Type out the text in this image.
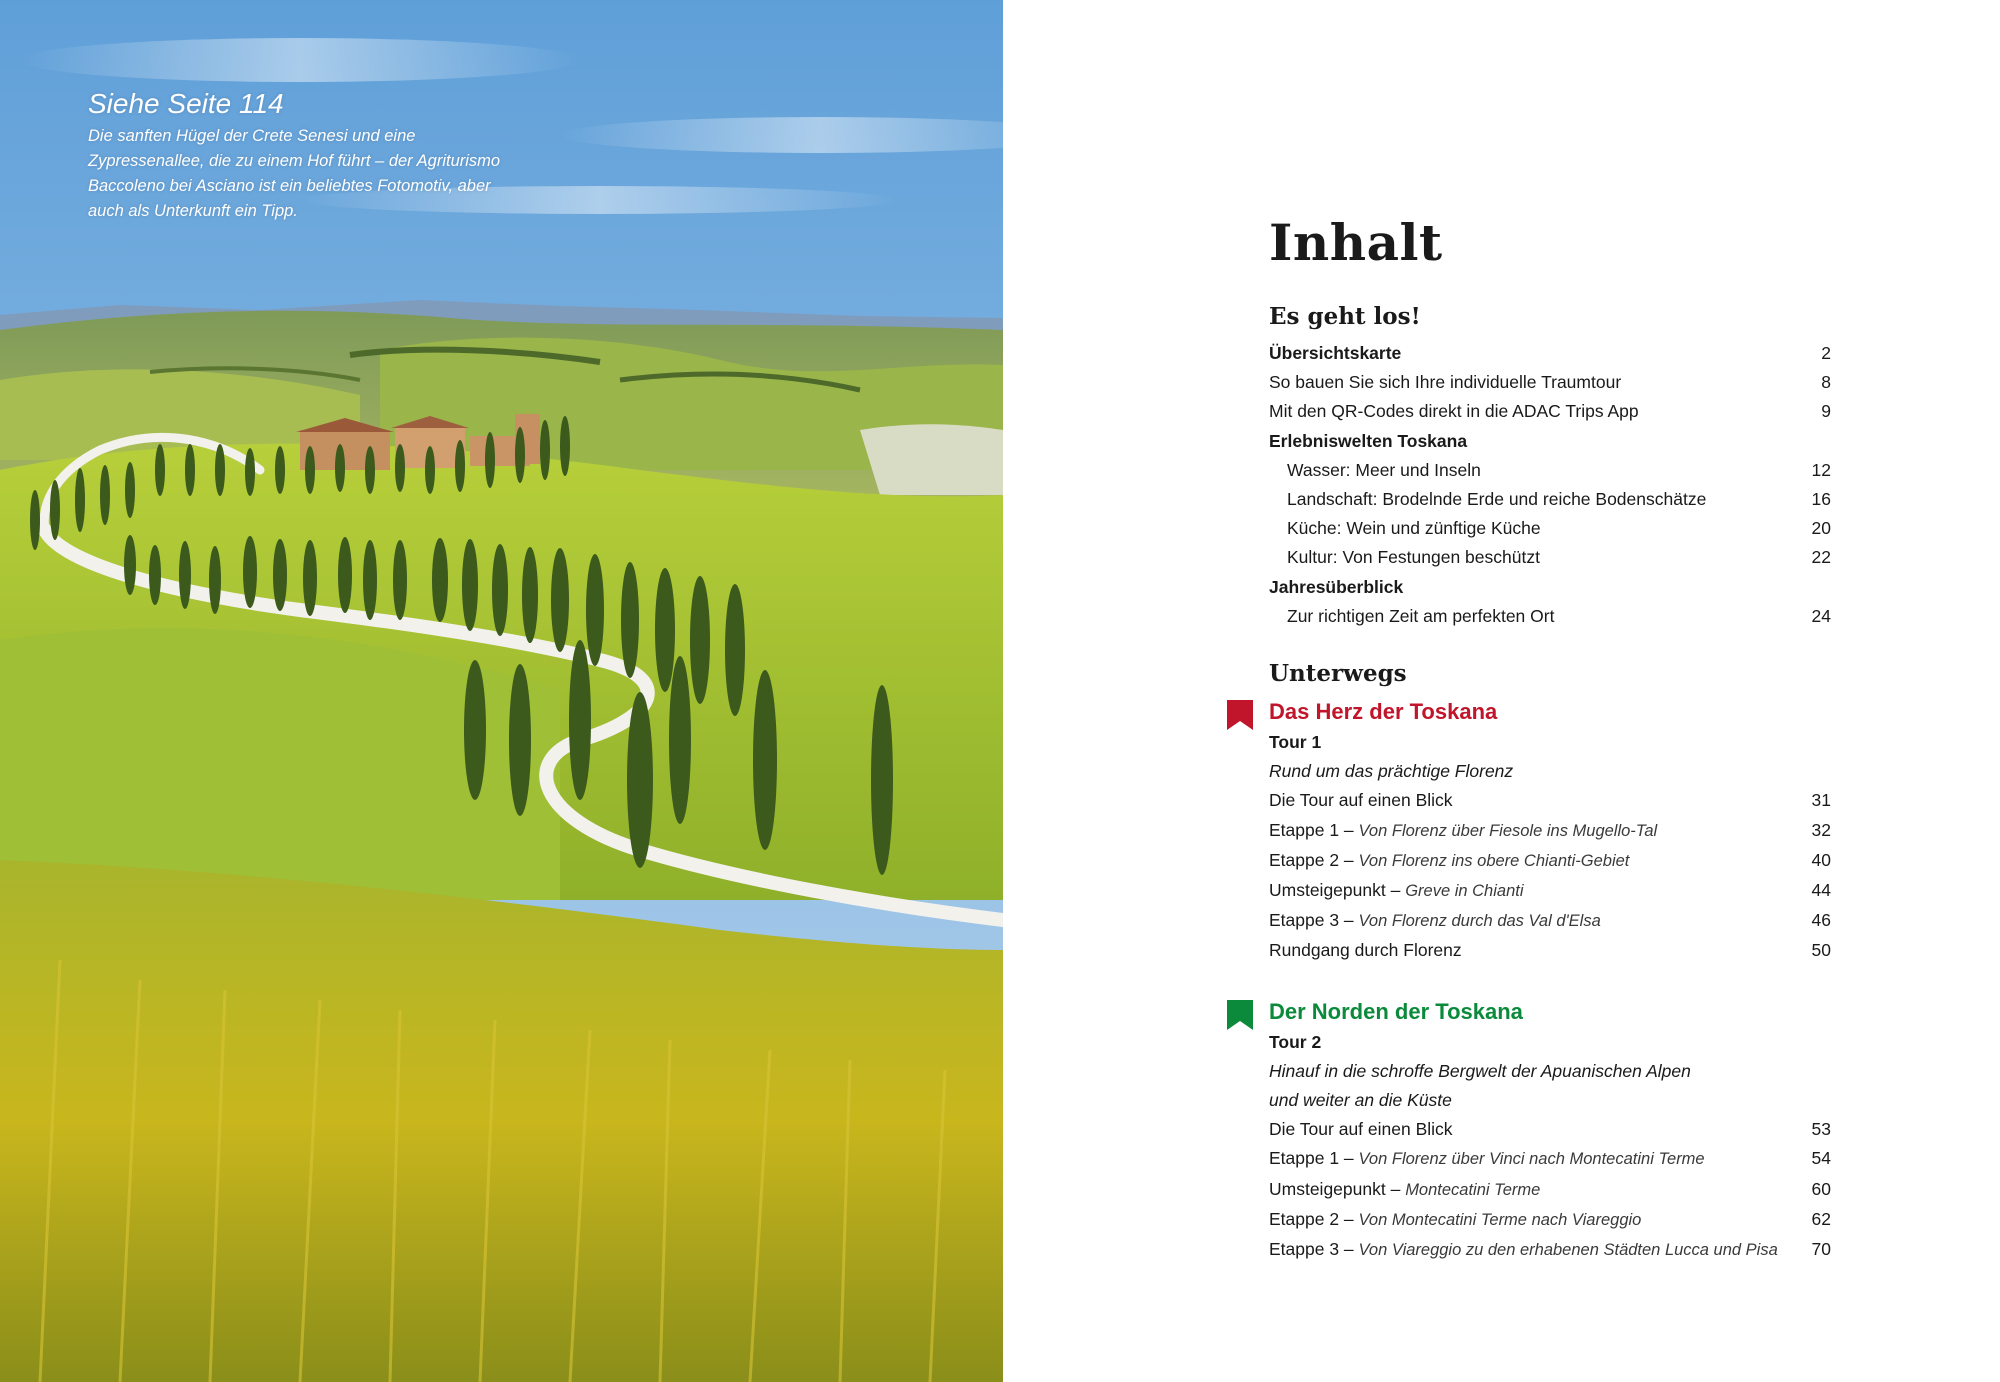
Siehe Seite 114
Die sanften Hügel der Crete Senesi und eine Zypressenallee, die zu einem Hof führt – der Agriturismo Baccoleno bei Asciano ist ein beliebtes Fotomotiv, aber auch als Unterkunft ein Tipp.
Inhalt
Es geht los!
Übersichtskarte	2
So bauen Sie sich Ihre individuelle Traumtour	8
Mit den QR-Codes direkt in die ADAC Trips App	9
Erlebniswelten Toskana
Wasser: Meer und Inseln	12
Landschaft: Brodelnde Erde und reiche Bodenschätze	16
Küche: Wein und zünftige Küche	20
Kultur: Von Festungen beschützt	22
Jahresüberblick
Zur richtigen Zeit am perfekten Ort	24
Unterwegs
Das Herz der Toskana
Tour 1
Rund um das prächtige Florenz
Die Tour auf einen Blick	31
Etappe 1 – Von Florenz über Fiesole ins Mugello-Tal	32
Etappe 2 – Von Florenz ins obere Chianti-Gebiet	40
Umsteigepunkt – Greve in Chianti	44
Etappe 3 – Von Florenz durch das Val d'Elsa	46
Rundgang durch Florenz	50
Der Norden der Toskana
Tour 2
Hinauf in die schroffe Bergwelt der Apuanischen Alpen
und weiter an die Küste
Die Tour auf einen Blick	53
Etappe 1 – Von Florenz über Vinci nach Montecatini Terme	54
Umsteigepunkt – Montecatini Terme	60
Etappe 2 – Von Montecatini Terme nach Viareggio	62
Etappe 3 – Von Viareggio zu den erhabenen Städten Lucca und Pisa	70
